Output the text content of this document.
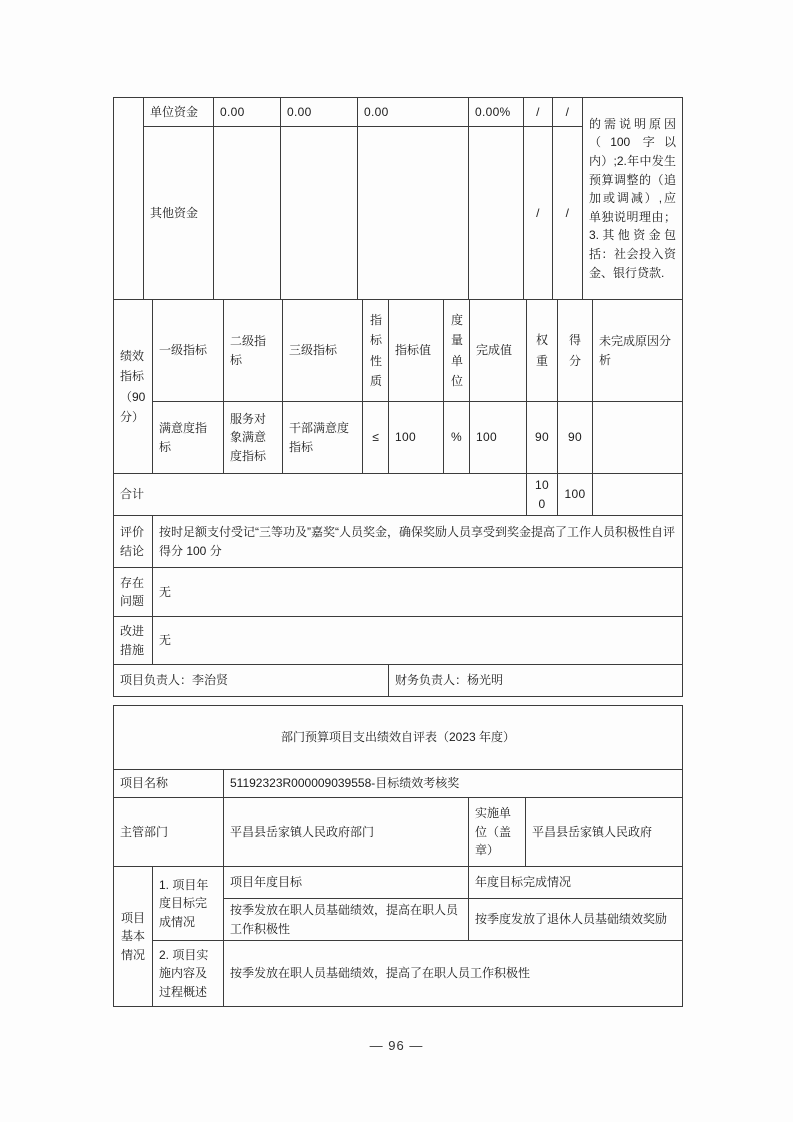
	单位资金	0.00	0.00	0.00	0.00%	/	/	的需说明原因（100 字以内）;2.年中发生预算调整的（追加或调减）,应单独说明理由；3.其他资金包括：社会投入资金、银行贷款.
	其他资金					/	/	
绩效指标（90分）	一级指标	二级指标	三级指标	指标性质	指标值	度量单位	完成值	权重	得分	未完成原因分析
	满意度指标	服务对象满意度指标	干部满意度指标	≤	100	%	100	90	90	
合计								100	100	
评价结论	按时足额支付受记“三等功及”嘉奖“人员奖金，确保奖励人员享受到奖金提高了工作人员积极性自评得分 100 分
存在问题	无
改进措施	无
项目负责人：李治贤	财务负责人：杨光明
部门预算项目支出绩效自评表（2023 年度）				
项目名称		51192323R000009039558-目标绩效考核奖		
主管部门		平昌县岳家镇人民政府部门	实施单位（盖章）	平昌县岳家镇人民政府
项目基本情况	1. 项目年度目标完成情况	项目年度目标	年度目标完成情况	
		按季发放在职人员基础绩效，提高在职人员工作积极性	按季度发放了退休人员基础绩效奖励	
	2. 项目实施内容及过程概述	按季发放在职人员基础绩效，提高了在职人员工作积极性		
— 96 —
